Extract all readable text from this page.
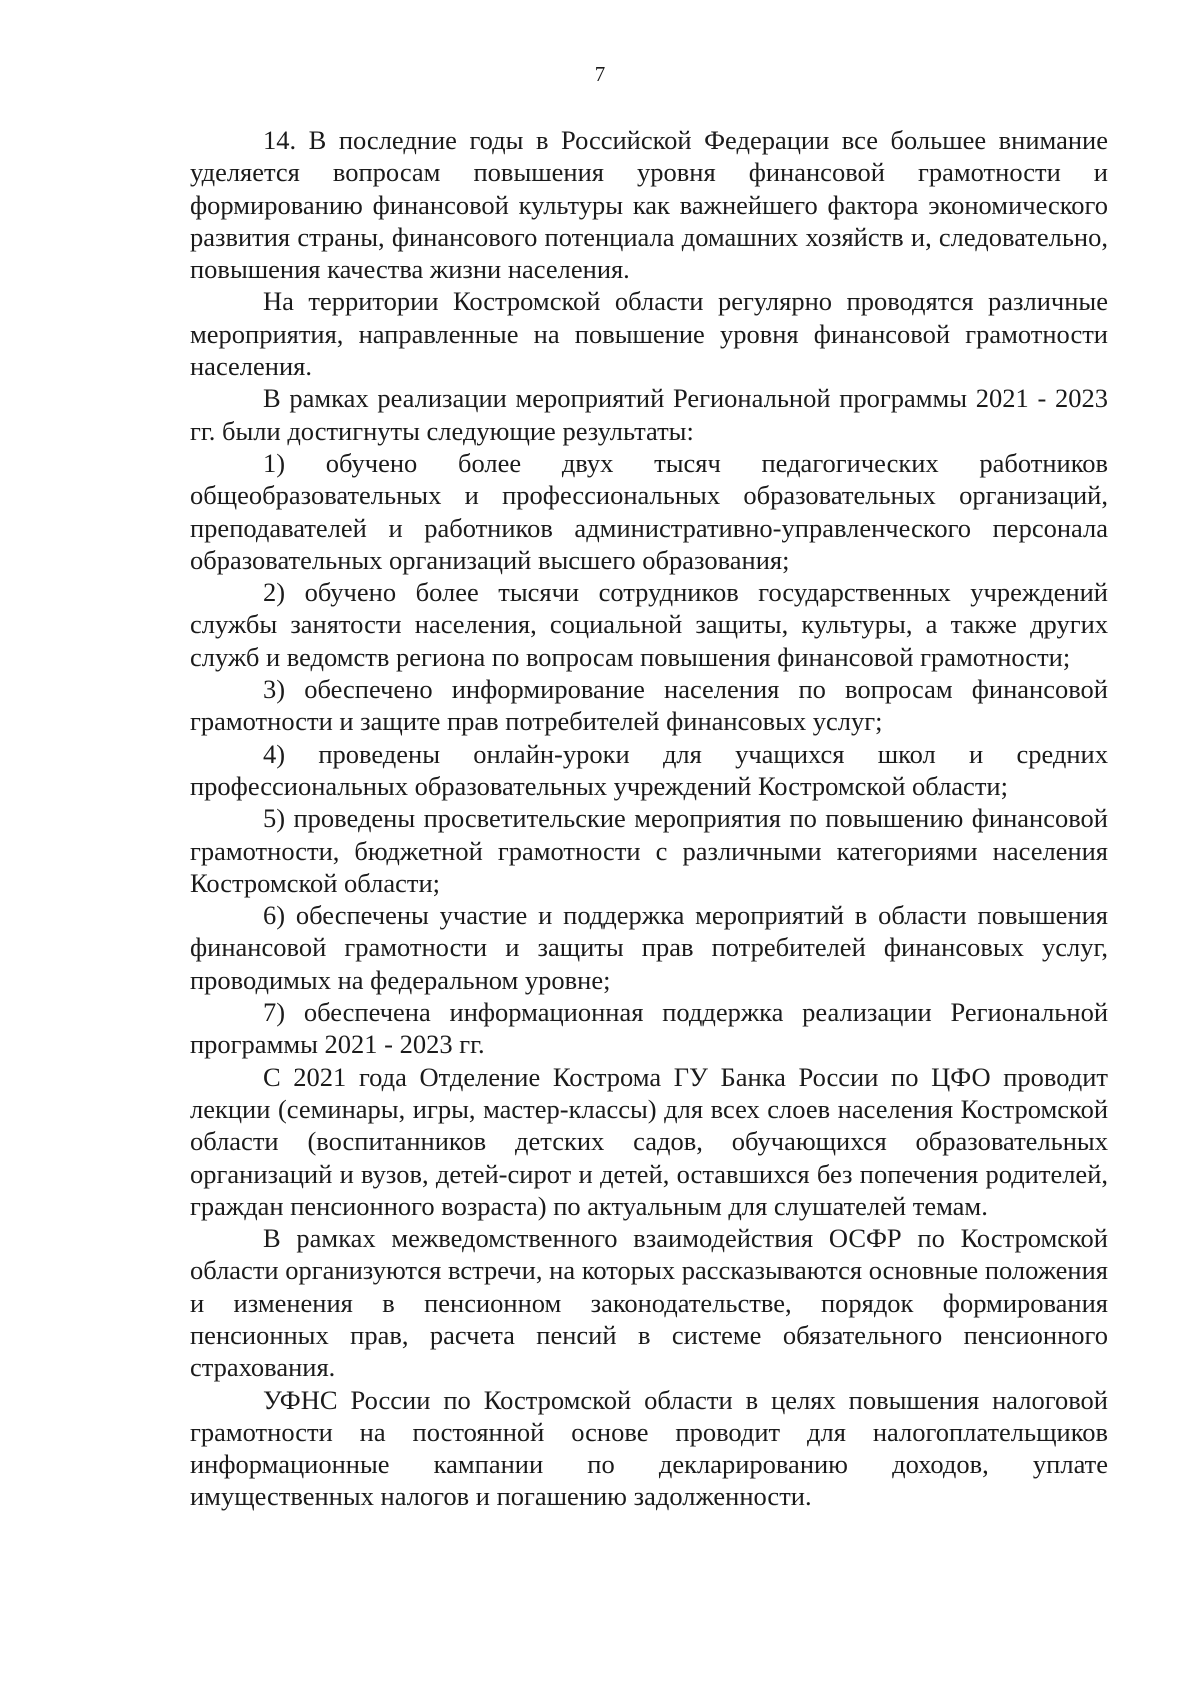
7

14. В последние годы в Российской Федерации все большее внимание уделяется вопросам повышения уровня финансовой грамотности и формированию финансовой культуры как важнейшего фактора экономического развития страны, финансового потенциала домашних хозяйств и, следовательно, повышения качества жизни населения.

На территории Костромской области регулярно проводятся различные мероприятия, направленные на повышение уровня финансовой грамотности населения.

В рамках реализации мероприятий Региональной программы 2021 - 2023 гг. были достигнуты следующие результаты:

1) обучено более двух тысяч педагогических работников общеобразовательных и профессиональных образовательных организаций, преподавателей и работников административно-управленческого персонала образовательных организаций высшего образования;

2) обучено более тысячи сотрудников государственных учреждений службы занятости населения, социальной защиты, культуры, а также других служб и ведомств региона по вопросам повышения финансовой грамотности;

3) обеспечено информирование населения по вопросам финансовой грамотности и защите прав потребителей финансовых услуг;

4) проведены онлайн-уроки для учащихся школ и средних профессиональных образовательных учреждений Костромской области;

5) проведены просветительские мероприятия по повышению финансовой грамотности, бюджетной грамотности с различными категориями населения Костромской области;

6) обеспечены участие и поддержка мероприятий в области повышения финансовой грамотности и защиты прав потребителей финансовых услуг, проводимых на федеральном уровне;

7) обеспечена информационная поддержка реализации Региональной программы 2021 - 2023 гг.

С 2021 года Отделение Кострома ГУ Банка России по ЦФО проводит лекции (семинары, игры, мастер-классы) для всех слоев населения Костромской области (воспитанников детских садов, обучающихся образовательных организаций и вузов, детей-сирот и детей, оставшихся без попечения родителей, граждан пенсионного возраста) по актуальным для слушателей темам.

В рамках межведомственного взаимодействия ОСФР по Костромской области организуются встречи, на которых рассказываются основные положения и изменения в пенсионном законодательстве, порядок формирования пенсионных прав, расчета пенсий в системе обязательного пенсионного страхования.

УФНС России по Костромской области в целях повышения налоговой грамотности на постоянной основе проводит для налогоплательщиков информационные кампании по декларированию доходов, уплате имущественных налогов и погашению задолженности.
